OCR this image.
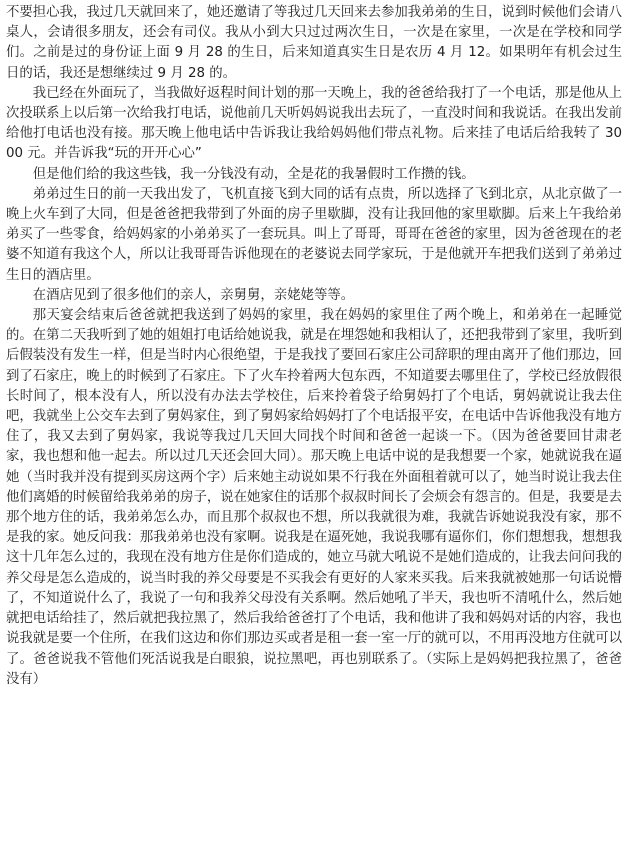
不要担心我，我过几天就回来了，她还邀请了等我过几天回来去参加我弟弟的生日，说到时候他们会请八桌人，会请很多朋友，还会有司仪。我从小到大只过过两次生日，一次是在家里，一次是在学校和同学们。之前是过的身份证上面 9 月 28 的生日，后来知道真实生日是农历 4 月 12。如果明年有机会过生日的话，我还是想继续过 9 月 28 的。

我已经在外面玩了，当我做好返程时间计划的那一天晚上，我的爸爸给我打了一个电话，那是他从上次投联系上以后第一次给我打电话，说他前几天听妈妈说我出去玩了，一直没时间和我说话。在我出发前给他打电话也没有接。那天晚上他电话中告诉我让我给妈妈他们带点礼物。后来挂了电话后给我转了 3000 元。并告诉我“玩的开开心心”

但是他们给的我这些钱，我一分钱没有动，全是花的我暑假时工作攒的钱。

弟弟过生日的前一天我出发了，飞机直接飞到大同的话有点贵，所以选择了飞到北京，从北京做了一晚上火车到了大同，但是爸爸把我带到了外面的房子里歇脚，没有让我回他的家里歇脚。后来上午我给弟弟买了一些零食，给妈妈家的小弟弟买了一套玩具。叫上了哥哥，哥哥在爸爸的家里，因为爸爸现在的老婆不知道有我这个人，所以让我哥哥告诉他现在的老婆说去同学家玩，于是他就开车把我们送到了弟弟过生日的酒店里。

在酒店见到了很多他们的亲人，亲舅舅，亲姥姥等等。

那天宴会结束后爸爸就把我送到了妈妈的家里，我在妈妈的家里住了两个晚上，和弟弟在一起睡觉的。在第二天我听到了她的姐姐打电话给她说我，就是在埋怨她和我相认了，还把我带到了家里，我听到后假装没有发生一样，但是当时内心很绝望，于是我找了要回石家庄公司辞职的理由离开了他们那边，回到了石家庄，晚上的时候到了石家庄。下了火车拎着两大包东西，不知道要去哪里住了，学校已经放假很长时间了，根本没有人，所以没有办法去学校住，后来拎着袋子给舅妈打了个电话，舅妈就说让我去住吧，我就坐上公交车去到了舅妈家住，到了舅妈家给妈妈打了个电话报平安，在电话中告诉他我没有地方住了，我又去到了舅妈家，我说等我过几天回大同找个时间和爸爸一起谈一下。（因为爸爸要回甘肃老家，我也想和他一起去。所以过几天还会回大同）。那天晚上电话中说的是我想要一个家，她就说我在逼她（当时我并没有提到买房这两个字）后来她主动说如果不行我在外面租着就可以了，她当时说让我去住他们离婚的时候留给我弟弟的房子，说在她家住的话那个叔叔时间长了会烦会有怨言的。但是，我要是去那个地方住的话，我弟弟怎么办，而且那个叔叔也不想，所以我就很为难，我就告诉她说我没有家，那不是我的家。她反问我：那我弟弟也没有家啊。说我是在逼死她，我说我哪有逼你们，你们想想我，想想我这十几年怎么过的，我现在没有地方住是你们造成的，她立马就大吼说不是她们造成的，让我去问问我的养父母是怎么造成的，说当时我的养父母要是不买我会有更好的人家来买我。后来我就被她那一句话说懵了，不知道说什么了，我说了一句和我养父母没有关系啊。然后她吼了半天，我也听不清吼什么，然后她就把电话给挂了，然后就把我拉黑了，然后我给爸爸打了个电话，我和他讲了我和妈妈对话的内容，我也说我就是要一个住所，在我们这边和你们那边买或者是租一套一室一厅的就可以，不用再没地方住就可以了。爸爸说我不管他们死活说我是白眼狼，说拉黑吧，再也别联系了。（实际上是妈妈把我拉黑了，爸爸没有）
